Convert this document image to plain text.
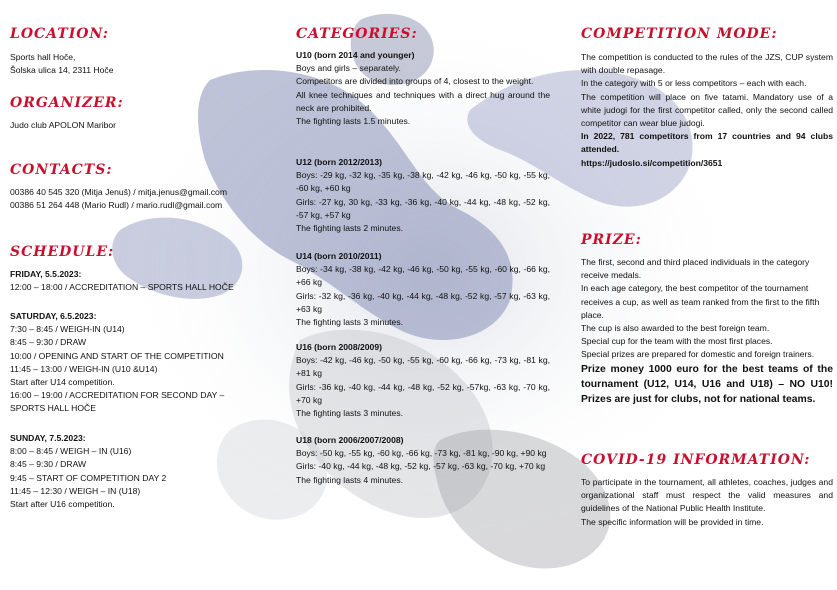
LOCATION:

Sports hall Hoče,

Šolska ulica 14, 2311 Hoče

ORGANIZER:

Judo club APOLON Maribor

CONTACTS:

00386 40 545 320 (Mitja Jenuš) / mitja.jenus@gmail.com

00386 51 264 448 (Mario Rudl) / mario.rudl@gmail.com

SCHEDULE:

FRIDAY, 5.5.2023:

12:00 – 18:00 / ACCREDITATION – SPORTS HALL HOČE

SATURDAY, 6.5.2023:

7:30 – 8:45 / WEIGH-IN (U14)

8:45 – 9:30 / DRAW

10:00 / OPENING AND START OF THE COMPETITION

11:45 – 13:00 / WEIGH-IN (U10 &U14)

Start after U14 competition.

16:00 – 19:00 / ACCREDITATION FOR SECOND DAY – SPORTS HALL HOČE

SUNDAY, 7.5.2023:

8:00 – 8:45 / WEIGH – IN (U16)

8:45 – 9:30 / DRAW

9:45 – START OF COMPETITION DAY 2

11:45 – 12:30 / WEIGH – IN (U18)

Start after U16 competition.

CATEGORIES:

U10 (born 2014 and younger)

Boys and girls – separately.

Competitors are divided into groups of 4, closest to the weight.

All knee techniques and techniques with a direct hug around the neck are prohibited.

The fighting lasts 1.5 minutes.

U12 (born 2012/2013)

Boys: -29 kg, -32 kg, -35 kg, -38 kg, -42 kg, -46 kg, -50 kg, -55 kg, -60 kg, +60 kg

Girls: -27 kg, 30 kg, -33 kg, -36 kg, -40 kg, -44 kg, -48 kg, -52 kg, -57 kg, +57 kg

The fighting lasts 2 minutes.

U14 (born 2010/2011)

Boys: -34 kg, -38 kg, -42 kg, -46 kg, -50 kg, -55 kg, -60 kg, -66 kg, +66 kg

Girls: -32 kg, -36 kg, -40 kg, -44 kg, -48 kg, -52 kg, -57 kg, -63 kg, +63 kg

The fighting lasts 3 minutes.

U16 (born 2008/2009)

Boys: -42 kg, -46 kg, -50 kg, -55 kg, -60 kg, -66 kg, -73 kg, -81 kg, +81 kg

Girls: -36 kg, -40 kg, -44 kg, -48 kg, -52 kg, -57kg, -63 kg, -70 kg, +70 kg

The fighting lasts 3 minutes.

U18 (born 2006/2007/2008)

Boys: -50 kg, -55 kg, -60 kg, -66 kg, -73 kg, -81 kg, -90 kg, +90 kg

Girls: -40 kg, -44 kg, -48 kg, -52 kg, -57 kg, -63 kg, -70 kg, +70 kg

The fighting lasts 4 minutes.

COMPETITION MODE:

The competition is conducted to the rules of the JZS, CUP system with double repasage.

In the category with 5 or less competitors – each with each.

The competition will place on five tatami. Mandatory use of a white judogi for the first competitor called, only the second called competitor can wear blue judogi.

In 2022, 781 competitors from 17 countries and 94 clubs attended.

https://judoslo.si/competition/3651

PRIZE:

The first, second and third placed individuals in the category receive medals.

In each age category, the best competitor of the tournament receives a cup, as well as team ranked from the first to the fifth place.

The cup is also awarded to the best foreign team.

Special cup for the team with the most first places.

Special prizes are prepared for domestic and foreign trainers.

Prize money 1000 euro for the best teams of the tournament (U12, U14, U16 and U18) – NO U10! Prizes are just for clubs, not for national teams.

COVID-19 INFORMATION:

To participate in the tournament, all athletes, coaches, judges and organizational staff must respect the valid measures and guidelines of the National Public Health Institute.

The specific information will be provided in time.
